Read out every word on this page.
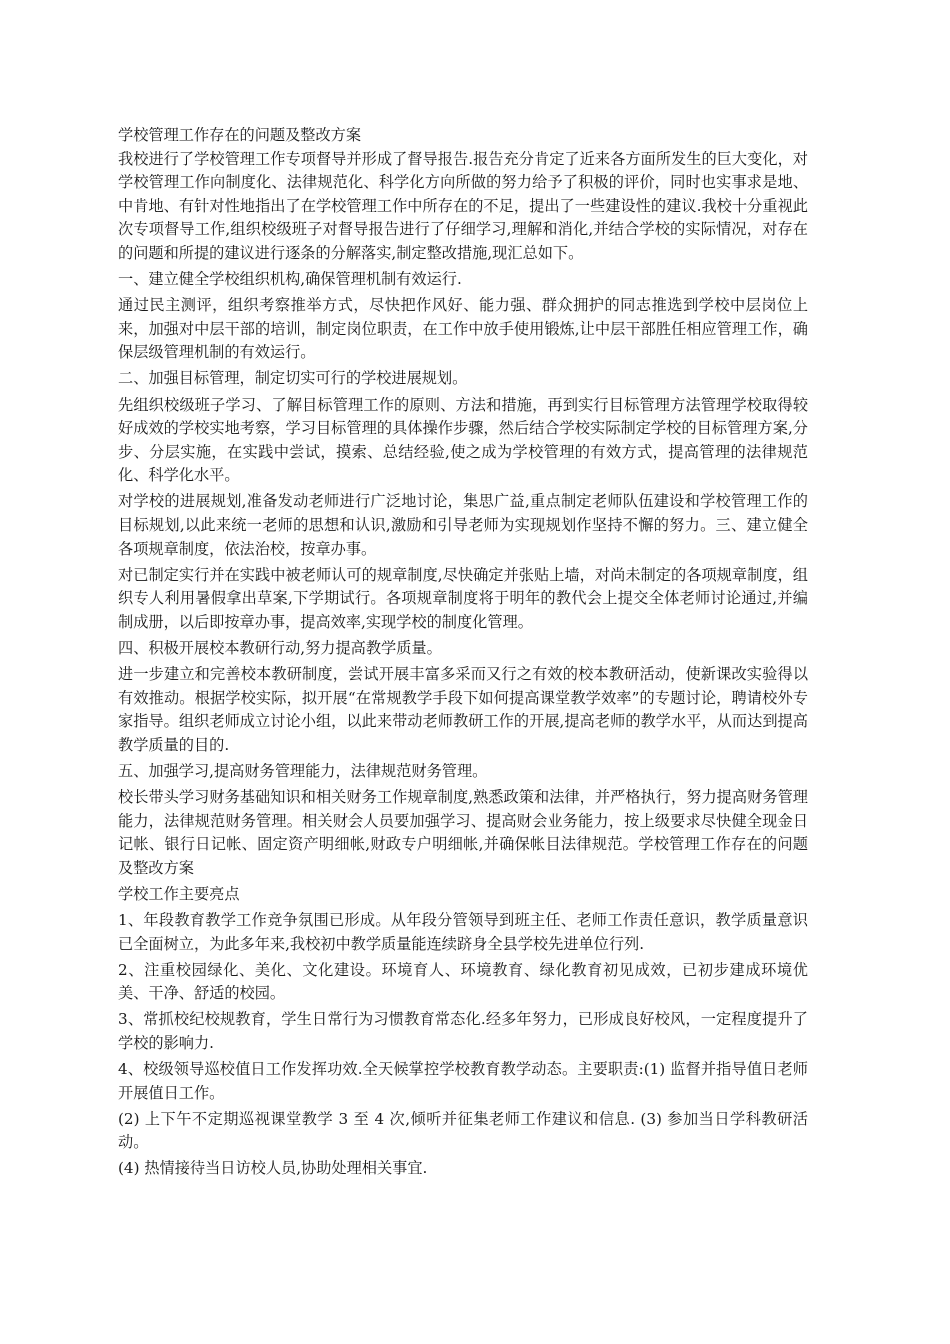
学校管理工作存在的问题及整改方案

我校进行了学校管理工作专项督导并形成了督导报告.报告充分肯定了近来各方面所发生的巨大变化，对学校管理工作向制度化、法律规范化、科学化方向所做的努力给予了积极的评价，同时也实事求是地、中肯地、有针对性地指出了在学校管理工作中所存在的不足，提出了一些建设性的建议.我校十分重视此次专项督导工作,组织校级班子对督导报告进行了仔细学习,理解和消化,并结合学校的实际情况，对存在的问题和所提的建议进行逐条的分解落实,制定整改措施,现汇总如下。

一、建立健全学校组织机构,确保管理机制有效运行.

通过民主测评，组织考察推举方式，尽快把作风好、能力强、群众拥护的同志推选到学校中层岗位上来，加强对中层干部的培训，制定岗位职责，在工作中放手使用锻炼,让中层干部胜任相应管理工作，确保层级管理机制的有效运行。

二、加强目标管理，制定切实可行的学校进展规划。

先组织校级班子学习、了解目标管理工作的原则、方法和措施，再到实行目标管理方法管理学校取得较好成效的学校实地考察，学习目标管理的具体操作步骤，然后结合学校实际制定学校的目标管理方案,分步、分层实施，在实践中尝试，摸索、总结经验,使之成为学校管理的有效方式，提高管理的法律规范化、科学化水平。

对学校的进展规划,准备发动老师进行广泛地讨论，集思广益,重点制定老师队伍建设和学校管理工作的目标规划,以此来统一老师的思想和认识,激励和引导老师为实现规划作坚持不懈的努力。三、建立健全各项规章制度，依法治校，按章办事。

对已制定实行并在实践中被老师认可的规章制度,尽快确定并张贴上墙，对尚未制定的各项规章制度，组织专人利用暑假拿出草案,下学期试行。各项规章制度将于明年的教代会上提交全体老师讨论通过,并编制成册，以后即按章办事，提高效率,实现学校的制度化管理。

四、积极开展校本教研行动,努力提高教学质量。

进一步建立和完善校本教研制度，尝试开展丰富多采而又行之有效的校本教研活动，使新课改实验得以有效推动。根据学校实际，拟开展“在常规教学手段下如何提高课堂教学效率”的专题讨论，聘请校外专家指导。组织老师成立讨论小组，以此来带动老师教研工作的开展,提高老师的教学水平，从而达到提高教学质量的目的.

五、加强学习,提高财务管理能力，法律规范财务管理。

校长带头学习财务基础知识和相关财务工作规章制度,熟悉政策和法律，并严格执行，努力提高财务管理能力，法律规范财务管理。相关财会人员要加强学习、提高财会业务能力，按上级要求尽快健全现金日记帐、银行日记帐、固定资产明细帐,财政专户明细帐,并确保帐目法律规范。学校管理工作存在的问题及整改方案

学校工作主要亮点

1、年段教育教学工作竞争氛围已形成。从年段分管领导到班主任、老师工作责任意识，教学质量意识已全面树立，为此多年来,我校初中教学质量能连续跻身全县学校先进单位行列.

2、注重校园绿化、美化、文化建设。环境育人、环境教育、绿化教育初见成效，已初步建成环境优美、干净、舒适的校园。

3、常抓校纪校规教育，学生日常行为习惯教育常态化.经多年努力，已形成良好校风，一定程度提升了学校的影响力.

4、校级领导巡校值日工作发挥功效.全天候掌控学校教育教学动态。主要职责:(1) 监督并指导值日老师开展值日工作。

(2) 上下午不定期巡视课堂教学 3 至 4 次,倾听并征集老师工作建议和信息. (3) 参加当日学科教研活动。

(4) 热情接待当日访校人员,协助处理相关事宜.
